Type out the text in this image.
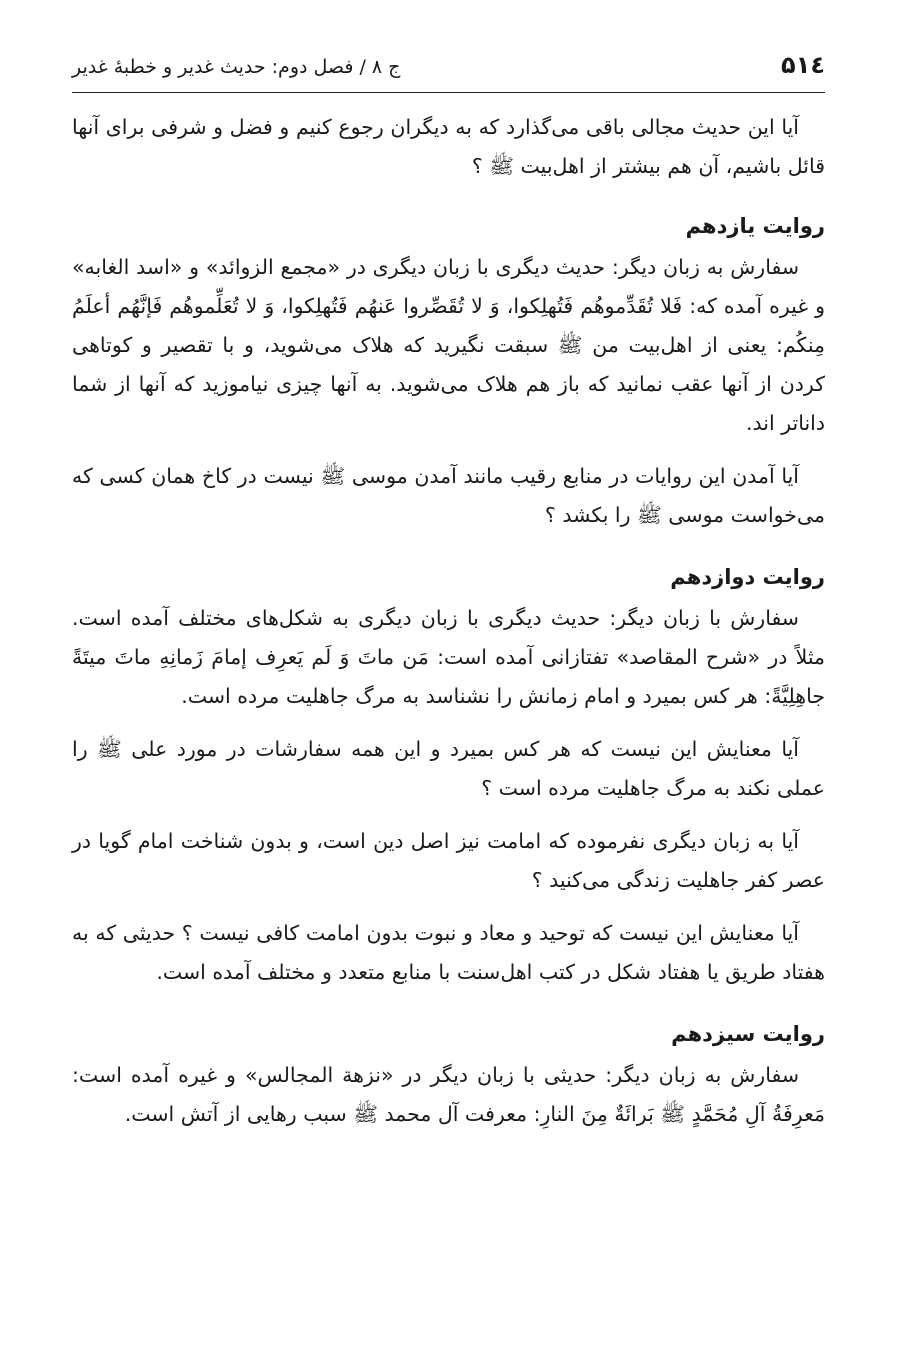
۵۱٤
ج ۸ / فصل دوم: حدیث غدیر و خطبهٔ غدیر

آیا این حدیث مجالی باقی می‌گذارد که به دیگران رجوع کنیم و فضل و شرفی برای آنها قائل باشیم، آن هم بیشتر از اهل‌بیت ﷺ ؟

روایت یازدهم

سفارش به زبان دیگر: حدیث دیگری با زبان دیگری در «مجمع الزوائد» و «اسد الغابه» و غیره آمده که: فَلا تُقَدِّموهُم فَتُهلِکوا، وَ لا تُقَصِّروا عَنهُم فَتُهلِکوا، وَ لا تُعَلِّموهُم فَإنَّهُم أعلَمُ مِنکُم: یعنی از اهل‌بیت من ﷺ سبقت نگیرید که هلاک می‌شوید، و با تقصیر و کوتاهی کردن از آنها عقب نمانید که باز هم هلاک می‌شوید. به آنها چیزی نیاموزید که آنها از شما داناتر اند.

آیا آمدن این روایات در منابع رقیب مانند آمدن موسی ﷺ نیست در کاخ همان کسی که می‌خواست موسی ﷺ را بکشد ؟

روایت دوازدهم

سفارش با زبان دیگر: حدیث دیگری با زبان دیگری به شکل‌های مختلف آمده است. مثلاً در «شرح المقاصد» تفتازانی آمده است: مَن ماتَ وَ لَم یَعرِف إمامَ زَمانِهِ ماتَ میتَةً جاهِلِیَّةً: هر کس بمیرد و امام زمانش را نشناسد به مرگ جاهلیت مرده است.

آیا معنایش این نیست که هر کس بمیرد و این همه سفارشات در مورد علی ﷺ را عملی نکند به مرگ جاهلیت مرده است ؟

آیا به زبان دیگری نفرموده که امامت نیز اصل دین است، و بدون شناخت امام گویا در عصر کفر جاهلیت زندگی می‌کنید ؟

آیا معنایش این نیست که توحید و معاد و نبوت بدون امامت کافی نیست ؟ حدیثی که به هفتاد طریق یا هفتاد شکل در کتب اهل‌سنت با منابع متعدد و مختلف آمده است.

روایت سیزدهم

سفارش به زبان دیگر: حدیثی با زبان دیگر در «نزهة المجالس» و غیره آمده است: مَعرِفَةُ آلِ مُحَمَّدٍ ﷺ بَرائَةٌ مِنَ النارِ: معرفت آل محمد ﷺ سبب رهایی از آتش است.
